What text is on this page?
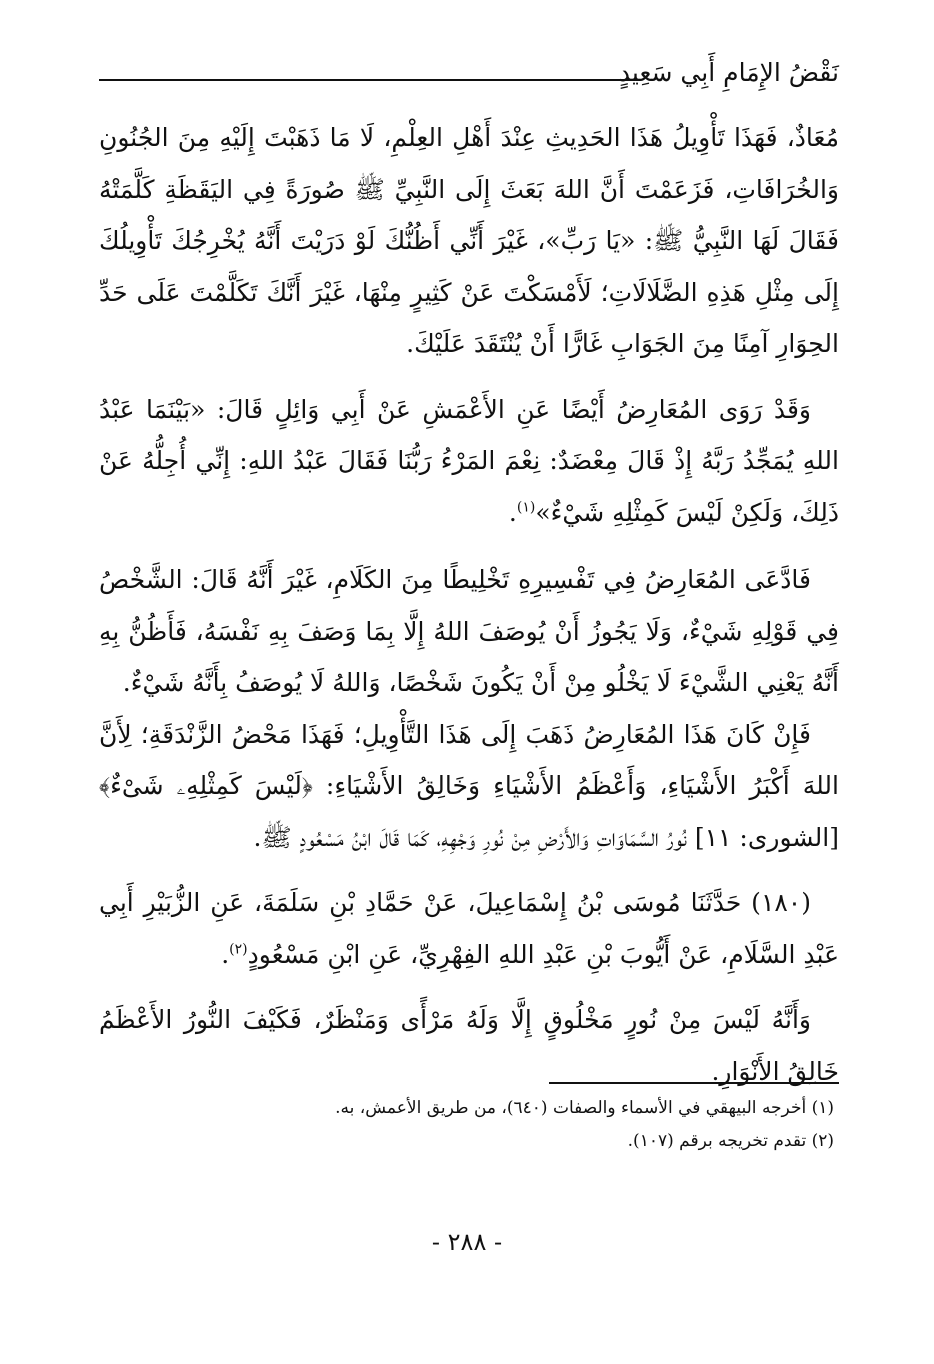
نَقْضُ الإِمَامِ أَبِي سَعِيدٍ

مُعَاذٌ، فَهَذَا تَأْوِيلُ هَذَا الحَدِيثِ عِنْدَ أَهْلِ العِلْمِ، لَا مَا ذَهَبْتَ إِلَيْهِ مِنَ الجُنُونِ وَالخُرَافَاتِ، فَزَعَمْتَ أَنَّ اللهَ بَعَثَ إِلَى النَّبِيِّ ﷺ صُورَةً فِي اليَقَظَةِ كَلَّمَتْهُ فَقَالَ لَهَا النَّبِيُّ ﷺ: «يَا رَبِّ»، غَيْرَ أَنِّي أَظُنُّكَ لَوْ دَرَيْتَ أَنَّهُ يُخْرِجُكَ تَأْوِيلُكَ إِلَى مِثْلِ هَذِهِ الضَّلَالَاتِ؛ لَأَمْسَكْتَ عَنْ كَثِيرٍ مِنْهَا، غَيْرَ أَنَّكَ تَكَلَّمْتَ عَلَى حَدِّ الحِوَارِ آمِنًا مِنَ الجَوَابِ غَارًّا أَنْ يُنْتَقَدَ عَلَيْكَ.

وَقَدْ رَوَى المُعَارِضُ أَيْضًا عَنِ الأَعْمَشِ عَنْ أَبِي وَائِلٍ قَالَ: «بَيْنَمَا عَبْدُ اللهِ يُمَجِّدُ رَبَّهُ إِذْ قَالَ مِعْضَدٌ: نِعْمَ المَرْءُ رَبُّنَا فَقَالَ عَبْدُ اللهِ: إِنِّي أُجِلُّهُ عَنْ ذَلِكَ، وَلَكِنْ لَيْسَ كَمِثْلِهِ شَيْءٌ»$^{(١)}$.

فَادَّعَى المُعَارِضُ فِي تَفْسِيرِهِ تَخْلِيطًا مِنَ الكَلَامِ، غَيْرَ أَنَّهُ قَالَ: الشَّخْصُ فِي قَوْلِهِ شَيْءٌ، وَلَا يَجُوزُ أَنْ يُوصَفَ اللهُ إِلَّا بِمَا وَصَفَ بِهِ نَفْسَهُ، فَأَظُنُّ بِهِ أَنَّهُ يَعْنِي الشَّيْءَ لَا يَخْلُو مِنْ أَنْ يَكُونَ شَخْصًا، وَاللهُ لَا يُوصَفُ بِأَنَّهُ شَيْءٌ.

فَإِنْ كَانَ هَذَا المُعَارِضُ ذَهَبَ إِلَى هَذَا التَّأْوِيلِ؛ فَهَذَا مَحْضُ الزَّنْدَقَةِ؛ لِأَنَّ اللهَ أَكْبَرُ الأَشْيَاءِ، وَأَعْظَمُ الأَشْيَاءِ وَخَالِقُ الأَشْيَاءِ: ﴿لَيْسَ كَمِثْلِهِۦ شَىْءٌ﴾ [الشورى: ١١] نُورُ السَّمَاوَاتِ وَالأَرْضِ مِنْ نُورِ وَجْهِهِ، كَمَا قَالَ ابْنُ مَسْعُودٍ ﷺ.

(١٨٠) حَدَّثَنَا مُوسَى بْنُ إِسْمَاعِيلَ، عَنْ حَمَّادِ بْنِ سَلَمَةَ، عَنِ الزُّبَيْرِ أَبِي عَبْدِ السَّلَامِ، عَنْ أَيُّوبَ بْنِ عَبْدِ اللهِ الفِهْرِيِّ، عَنِ ابْنِ مَسْعُودٍ$^{(٢)}$.

وَأَنَّهُ لَيْسَ مِنْ نُورٍ مَخْلُوقٍ إِلَّا وَلَهُ مَرْأًى وَمَنْظَرٌ، فَكَيْفَ النُّورُ الأَعْظَمُ خَالِقُ الأَنْوَارِ.

(١) أخرجه البيهقي في الأسماء والصفات (٦٤٠)، من طريق الأعمش، به.

(٢) تقدم تخريجه برقم (١٠٧).

- ٢٨٨ -
